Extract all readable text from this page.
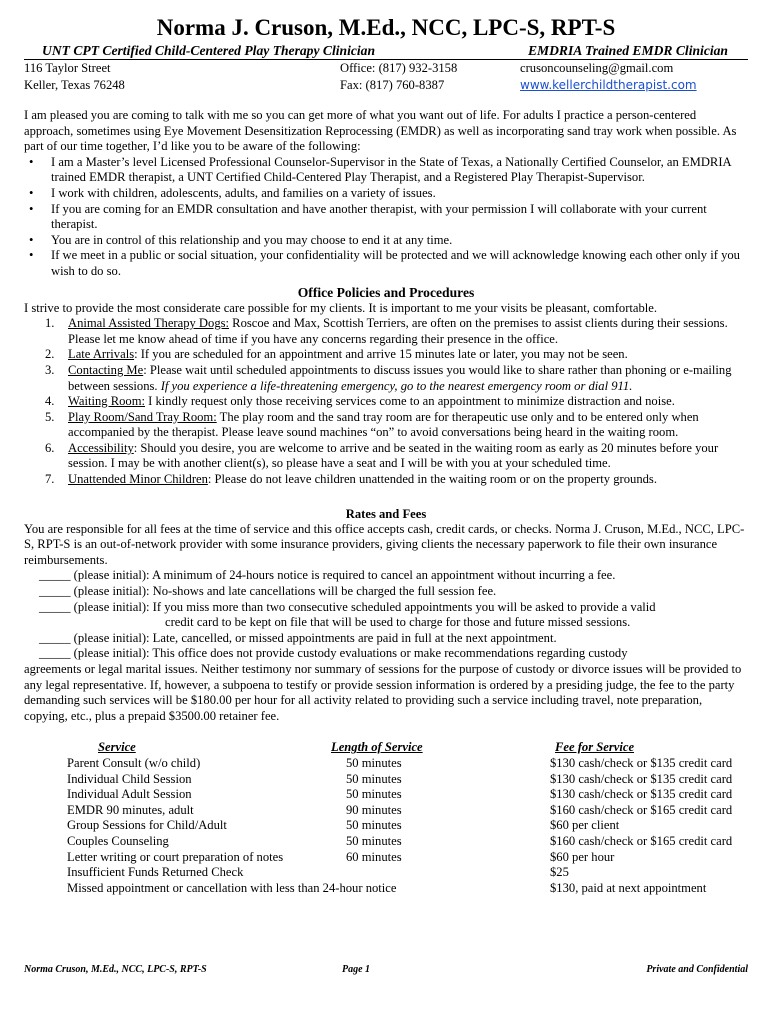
Norma J. Cruson, M.Ed., NCC, LPC-S, RPT-S
UNT CPT Certified Child-Centered Play Therapy Clinician	EMDRIA Trained EMDR Clinician
116 Taylor Street
Keller, Texas 76248
Office: (817) 932-3158
Fax: (817) 760-8387
crusoncounseling@gmail.com
www.kellerchildtherapist.com

I am pleased you are coming to talk with me so you can get more of what you want out of life. For adults I practice a person-centered approach, sometimes using Eye Movement Desensitization Reprocessing (EMDR) as well as incorporating sand tray work when possible. As part of our time together, I’d like you to be aware of the following:

• I am a Master’s level Licensed Professional Counselor-Supervisor in the State of Texas, a Nationally Certified Counselor, an EMDRIA trained EMDR therapist, a UNT Certified Child-Centered Play Therapist, and a Registered Play Therapist-Supervisor.
• I work with children, adolescents, adults, and families on a variety of issues.
• If you are coming for an EMDR consultation and have another therapist, with your permission I will collaborate with your current therapist.
• You are in control of this relationship and you may choose to end it at any time.
• If we meet in a public or social situation, your confidentiality will be protected and we will acknowledge knowing each other only if you wish to do so.
Office Policies and Procedures

I strive to provide the most considerate care possible for my clients. It is important to me your visits be pleasant, comfortable.

1. Animal Assisted Therapy Dogs: Roscoe and Max, Scottish Terriers, are often on the premises to assist clients during their sessions. Please let me know ahead of time if you have any concerns regarding their presence in the office.
2. Late Arrivals: If you are scheduled for an appointment and arrive 15 minutes late or later, you may not be seen.
3. Contacting Me: Please wait until scheduled appointments to discuss issues you would like to share rather than phoning or e-mailing between sessions. If you experience a life-threatening emergency, go to the nearest emergency room or dial 911.
4. Waiting Room: I kindly request only those receiving services come to an appointment to minimize distraction and noise.
5. Play Room/Sand Tray Room: The play room and the sand tray room are for therapeutic use only and to be entered only when accompanied by the therapist. Please leave sound machines “on” to avoid conversations being heard in the waiting room.
6. Accessibility: Should you desire, you are welcome to arrive and be seated in the waiting room as early as 20 minutes before your session. I may be with another client(s), so please have a seat and I will be with you at your scheduled time.
7. Unattended Minor Children: Please do not leave children unattended in the waiting room or on the property grounds.
Rates and Fees

You are responsible for all fees at the time of service and this office accepts cash, credit cards, or checks. Norma J. Cruson, M.Ed., NCC, LPC-S, RPT-S is an out-of-network provider with some insurance providers, giving clients the necessary paperwork to file their own insurance reimbursements.

_____ (please initial): A minimum of 24-hours notice is required to cancel an appointment without incurring a fee.

_____ (please initial): No-shows and late cancellations will be charged the full session fee.

_____ (please initial): If you miss more than two consecutive scheduled appointments you will be asked to provide a valid

credit card to be kept on file that will be used to charge for those and future missed sessions.

_____ (please initial): Late, cancelled, or missed appointments are paid in full at the next appointment.

_____ (please initial): This office does not provide custody evaluations or make recommendations regarding custody

agreements or legal marital issues. Neither testimony nor summary of sessions for the purpose of custody or divorce issues will be provided to any legal representative. If, however, a subpoena to testify or provide session information is ordered by a presiding judge, the fee to the party demanding such services will be $180.00 per hour for all activity related to providing such a service including travel, note preparation, copying, etc., plus a prepaid $3500.00 retainer fee.

Service	Length of Service	Fee for Service
Parent Consult (w/o child)	50 minutes	$130 cash/check or $135 credit card
Individual Child Session	50 minutes	$130 cash/check or $135 credit card
Individual Adult Session	50 minutes	$130 cash/check or $135 credit card
EMDR 90 minutes, adult	90 minutes	$160 cash/check or $165 credit card
Group Sessions for Child/Adult	50 minutes	$60 per client
Couples Counseling	50 minutes	$160 cash/check or $165 credit card
Letter writing or court preparation of notes	60 minutes	$60 per hour
Insufficient Funds Returned Check		$25
Missed appointment or cancellation with less than 24-hour notice		$130, paid at next appointment
Norma Cruson, M.Ed., NCC, LPC-S, RPT-S	Page 1	Private and Confidential
